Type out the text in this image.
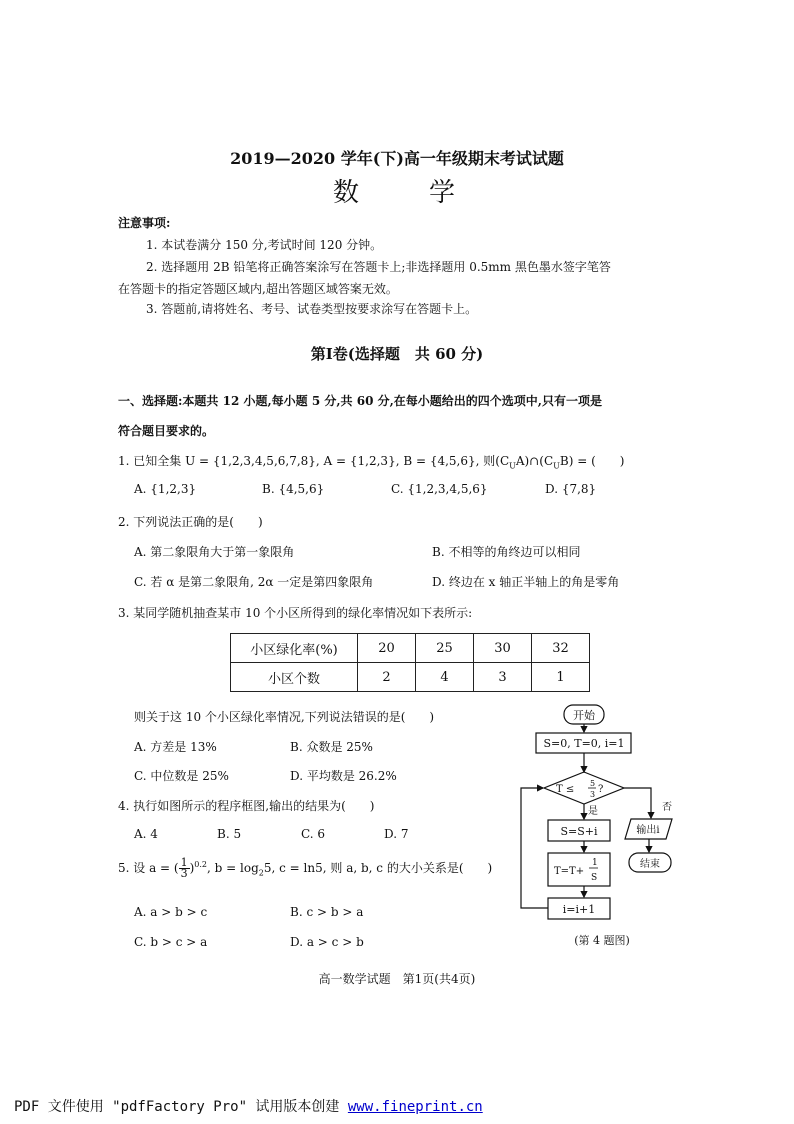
2019—2020 学年(下)高一年级期末考试试题
数　　学
注意事项:
1. 本试卷满分 150 分,考试时间 120 分钟。
2. 选择题用 2B 铅笔将正确答案涂写在答题卡上;非选择题用 0.5mm 黑色墨水签字笔答
在答题卡的指定答题区域内,超出答题区域答案无效。
3. 答题前,请将姓名、考号、试卷类型按要求涂写在答题卡上。
第Ⅰ卷(选择题　共 60 分)
一、选择题:本题共 12 小题,每小题 5 分,共 60 分,在每小题给出的四个选项中,只有一项是
符合题目要求的。
1. 已知全集 U = {1,2,3,4,5,6,7,8}, A = {1,2,3}, B = {4,5,6}, 则$(C_UA)\cap(C_UB)$ = (　　)
A. {1,2,3}	B. {4,5,6}	C. {1,2,3,4,5,6}	D. {7,8}
2. 下列说法正确的是(　　)
A. 第二象限角大于第一象限角	B. 不相等的角终边可以相同
C. 若 α 是第二象限角, 2α 一定是第四象限角	D. 终边在 x 轴正半轴上的角是零角
3. 某同学随机抽查某市 10 个小区所得到的绿化率情况如下表所示:
小区绿化率(%)	20	25	30	32
小区个数	2	4	3	1
则关于这 10 个小区绿化率情况,下列说法错误的是(　　)
A. 方差是 13%	B. 众数是 25%
C. 中位数是 25%	D. 平均数是 26.2%
4. 执行如图所示的程序框图,输出的结果为(　　)
A. 4	B. 5	C. 6	D. 7
5. 设 a = ( $\frac{1}{3} )^{0.2}$, $b = \log_25$, c = ln5, 则 a, b, c 的大小关系是(　　)
A. a > b > c	B. c > b > a
C. b > c > a	D. a > c > b
开始
S=0, T=0, i=1
T ≤
5
3 ?
是	否
S=S+i
T=T+
1
S
i=i+1
输出i
结束
(第 4 题图)
高一数学试题　第1页(共4页)
PDF 文件使用 "pdfFactory Pro" 试用版本创建 www.fineprint.cn
